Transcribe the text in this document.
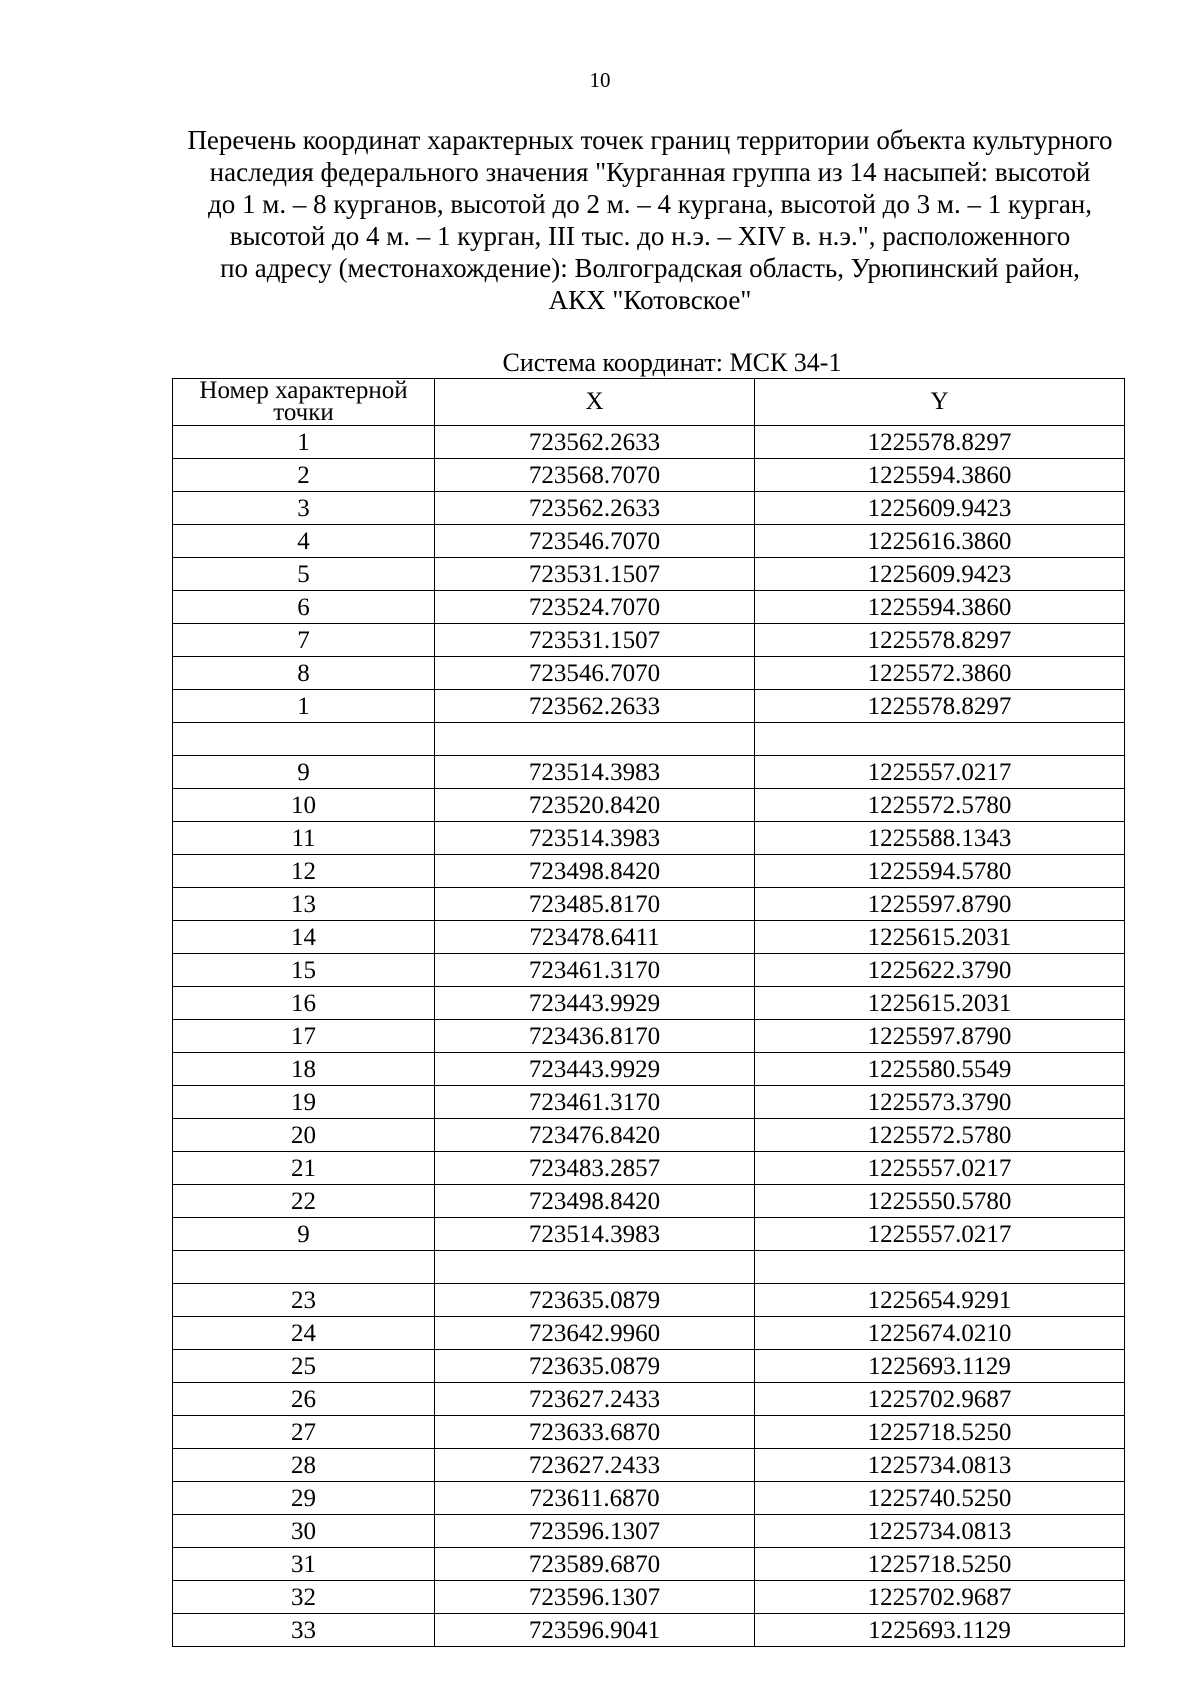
10
Перечень координат характерных точек границ территории объекта культурного
наследия федерального значения "Курганная группа из 14 насыпей: высотой
до 1 м. – 8 курганов, высотой до 2 м. – 4 кургана, высотой до 3 м. – 1 курган,
высотой до 4 м. – 1 курган, III тыс. до н.э. – XIV в. н.э.", расположенного
по адресу (местонахождение): Волгоградская область, Урюпинский район,
АКХ "Котовское"
Система координат: МСК 34-1
Номер характерной точки	X	Y
1	723562.2633	1225578.8297
2	723568.7070	1225594.3860
3	723562.2633	1225609.9423
4	723546.7070	1225616.3860
5	723531.1507	1225609.9423
6	723524.7070	1225594.3860
7	723531.1507	1225578.8297
8	723546.7070	1225572.3860
1	723562.2633	1225578.8297

9	723514.3983	1225557.0217
10	723520.8420	1225572.5780
11	723514.3983	1225588.1343
12	723498.8420	1225594.5780
13	723485.8170	1225597.8790
14	723478.6411	1225615.2031
15	723461.3170	1225622.3790
16	723443.9929	1225615.2031
17	723436.8170	1225597.8790
18	723443.9929	1225580.5549
19	723461.3170	1225573.3790
20	723476.8420	1225572.5780
21	723483.2857	1225557.0217
22	723498.8420	1225550.5780
9	723514.3983	1225557.0217

23	723635.0879	1225654.9291
24	723642.9960	1225674.0210
25	723635.0879	1225693.1129
26	723627.2433	1225702.9687
27	723633.6870	1225718.5250
28	723627.2433	1225734.0813
29	723611.6870	1225740.5250
30	723596.1307	1225734.0813
31	723589.6870	1225718.5250
32	723596.1307	1225702.9687
33	723596.9041	1225693.1129
